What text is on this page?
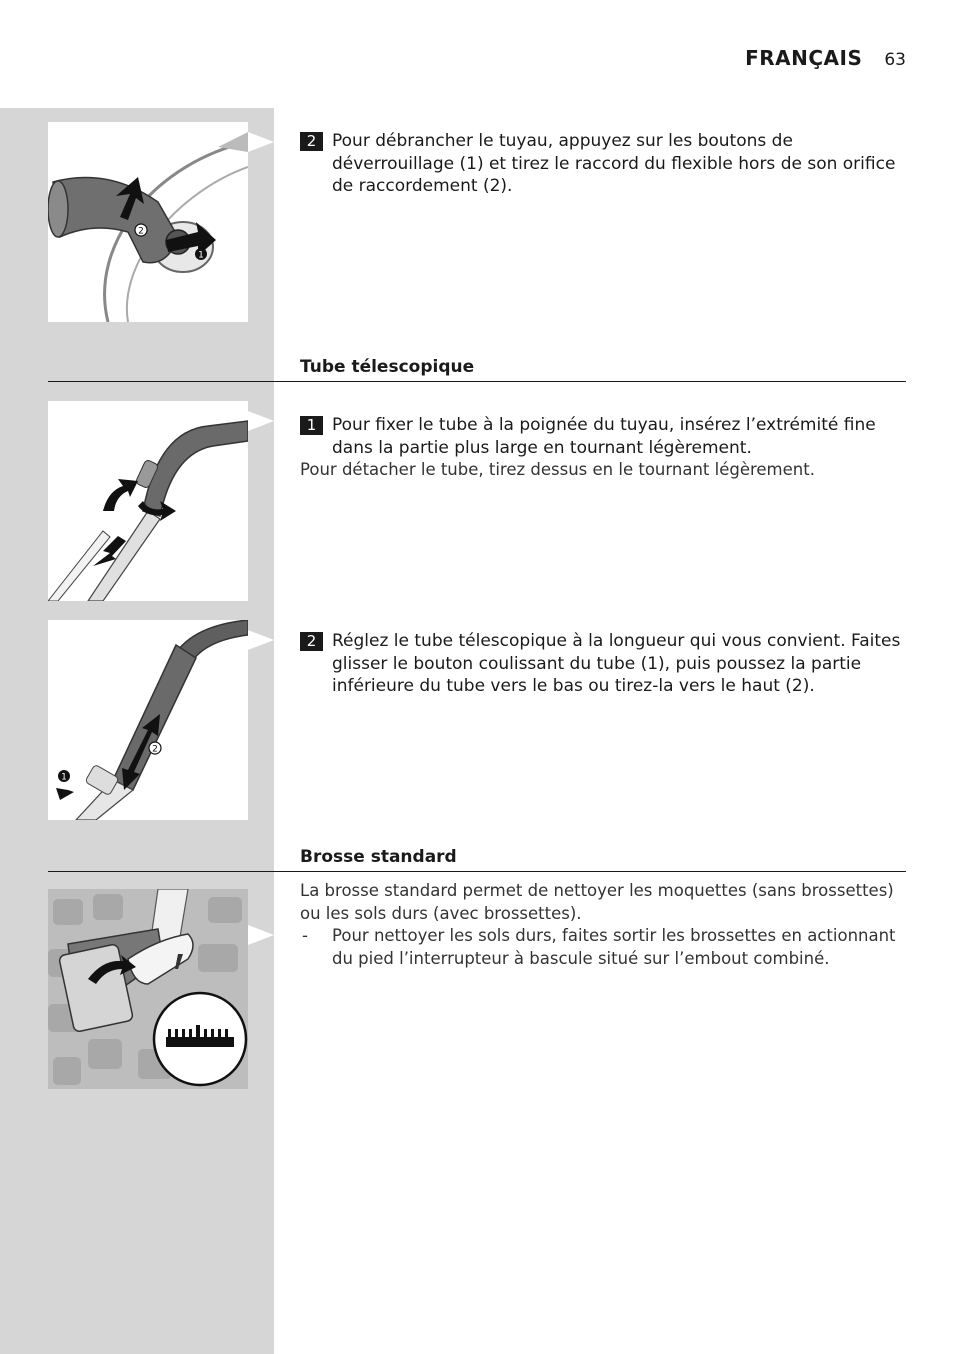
FRANÇAIS 63
2
1
2 Pour débrancher le tuyau, appuyez sur les boutons de déverrouillage (1) et tirez le raccord du flexible hors de son orifice de raccordement (2).
Tube télescopique
1 Pour fixer le tube à la poignée du tuyau, insérez l’extrémité fine dans la partie plus large en tournant légèrement.
Pour détacher le tube, tirez dessus en le tournant légèrement.
2
1
2 Réglez le tube télescopique à la longueur qui vous convient. Faites glisser le bouton coulissant du tube (1), puis poussez la partie inférieure du tube vers le bas ou tirez-la vers le haut (2).
Brosse standard
La brosse standard permet de nettoyer les moquettes (sans brossettes) ou les sols durs (avec brossettes).
- Pour nettoyer les sols durs, faites sortir les brossettes en actionnant du pied l’interrupteur à bascule situé sur l’embout combiné.
